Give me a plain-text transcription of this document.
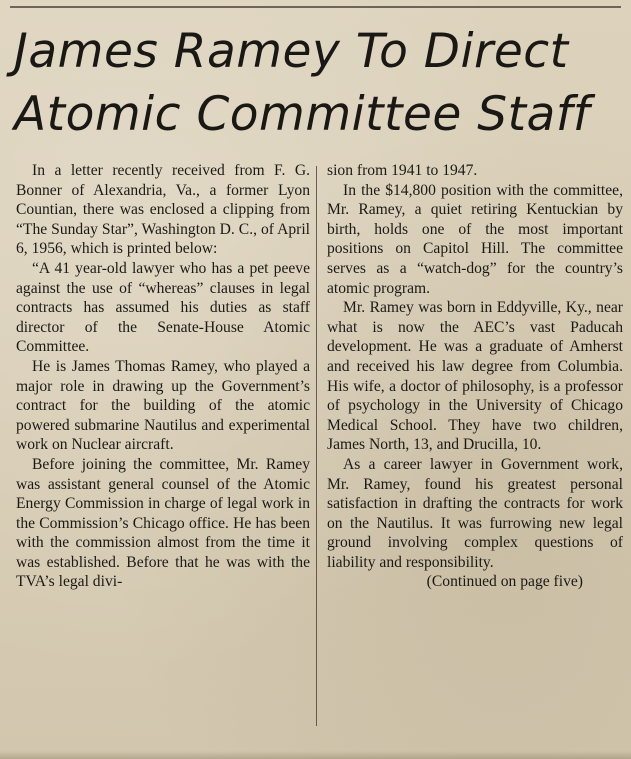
James Ramey To Direct
Atomic Committee Staff

In a letter recently received from F. G. Bonner of Alexandria, Va., a former Lyon Countian, there was enclosed a clipping from “The Sunday Star”, Washington D. C., of April 6, 1956, which is printed below:

“A 41 year-old lawyer who has a pet peeve against the use of “whereas” clauses in legal contracts has assumed his duties as staff director of the Senate-House Atomic Committee.

He is James Thomas Ramey, who played a major role in drawing up the Government’s contract for the building of the atomic powered submarine Nautilus and experimental work on Nuclear aircraft.

Before joining the committee, Mr. Ramey was assistant general counsel of the Atomic Energy Commission in charge of legal work in the Commission’s Chicago office. He has been with the commission almost from the time it was established. Before that he was with the TVA’s legal divi-

sion from 1941 to 1947.

In the $14,800 position with the committee, Mr. Ramey, a quiet retiring Kentuckian by birth, holds one of the most important positions on Capitol Hill. The committee serves as a “watch-dog” for the country’s atomic program.

Mr. Ramey was born in Eddyville, Ky., near what is now the AEC’s vast Paducah development. He was a graduate of Amherst and received his law degree from Columbia. His wife, a doctor of philosophy, is a professor of psychology in the University of Chicago Medical School. They have two children, James North, 13, and Drucilla, 10.

As a career lawyer in Government work, Mr. Ramey, found his greatest personal satisfaction in drafting the contracts for work on the Nautilus. It was furrowing new legal ground involving complex questions of liability and responsibility.

(Continued on page five)
